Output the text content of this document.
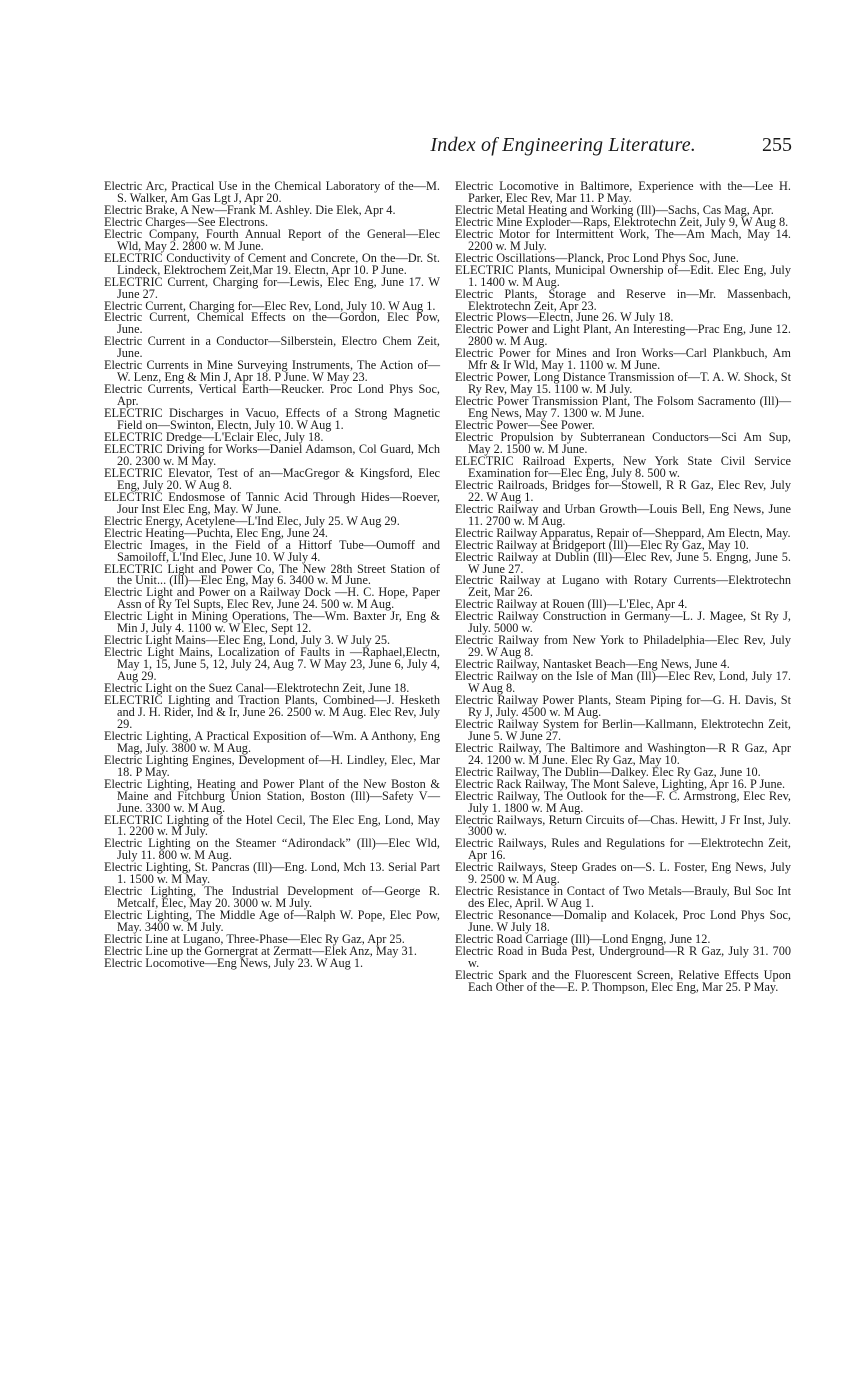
Index of Engineering Literature.	255

Electric Arc, Practical Use in the Chemical Laboratory of the—M. S. Walker, Am Gas Lgt J, Apr 20.

Electric Brake, A New—Frank M. Ashley. Die Elek, Apr 4.

Electric Charges—See Electrons.

Electric Company, Fourth Annual Report of the General—Elec Wld, May 2. 2800 w. M June.

ELECTRIC Conductivity of Cement and Concrete, On the—Dr. St. Lindeck, Elektrochem Zeit,Mar 19. Electn, Apr 10. P June.

ELECTRIC Current, Charging for—Lewis, Elec Eng, June 17. W June 27.

Electric Current, Charging for—Elec Rev, Lond, July 10. W Aug 1.

Electric Current, Chemical Effects on the—Gordon, Elec Pow, June.

Electric Current in a Conductor—Silberstein, Electro Chem Zeit, June.

Electric Currents in Mine Surveying Instruments, The Action of—W. Lenz, Eng & Min J, Apr 18. P June. W May 23.

Electric Currents, Vertical Earth—Reucker. Proc Lond Phys Soc, Apr.

ELECTRIC Discharges in Vacuo, Effects of a Strong Magnetic Field on—Swinton, Electn, July 10. W Aug 1.

ELECTRIC Dredge—L'Eclair Elec, July 18.

ELECTRIC Driving for Works—Daniel Adamson, Col Guard, Mch 20. 2300 w. M May.

ELECTRIC Elevator, Test of an—MacGregor & Kingsford, Elec Eng, July 20. W Aug 8.

ELECTRIC Endosmose of Tannic Acid Through Hides—Roever, Jour Inst Elec Eng, May. W June.

Electric Energy, Acetylene—L'Ind Elec, July 25. W Aug 29.

Electric Heating—Puchta, Elec Eng, June 24.

Electric Images, in the Field of a Hittorf Tube—Oumoff and Samoiloff, L'Ind Elec, June 10. W July 4.

ELECTRIC Light and Power Co, The New 28th Street Station of the Unit... (Ill)—Elec Eng, May 6. 3400 w. M June.

Electric Light and Power on a Railway Dock —H. C. Hope, Paper Assn of Ry Tel Supts, Elec Rev, June 24. 500 w. M Aug.

Electric Light in Mining Operations, The—Wm. Baxter Jr, Eng & Min J, July 4. 1100 w. W Elec, Sept 12.

Electric Light Mains—Elec Eng, Lond, July 3. W July 25.

Electric Light Mains, Localization of Faults in —Raphael,Electn, May 1, 15, June 5, 12, July 24, Aug 7. W May 23, June 6, July 4, Aug 29.

Electric Light on the Suez Canal—Elektrotechn Zeit, June 18.

ELECTRIC Lighting and Traction Plants, Combined—J. Hesketh and J. H. Rider, Ind & Ir, June 26. 2500 w. M Aug. Elec Rev, July 29.

Electric Lighting, A Practical Exposition of—Wm. A Anthony, Eng Mag, July. 3800 w. M Aug.

Electric Lighting Engines, Development of—H. Lindley, Elec, Mar 18. P May.

Electric Lighting, Heating and Power Plant of the New Boston & Maine and Fitchburg Union Station, Boston (Ill)—Safety V—June. 3300 w. M Aug.

ELECTRIC Lighting of the Hotel Cecil, The Elec Eng, Lond, May 1. 2200 w. M July.

Electric Lighting on the Steamer “Adirondack” (Ill)—Elec Wld, July 11. 800 w. M Aug.

Electric Lighting, St. Pancras (Ill)—Eng. Lond, Mch 13. Serial Part 1. 1500 w. M May.

Electric Lighting, The Industrial Development of—George R. Metcalf, Elec, May 20. 3000 w. M July.

Electric Lighting, The Middle Age of—Ralph W. Pope, Elec Pow, May. 3400 w. M July.

Electric Line at Lugano, Three-Phase—Elec Ry Gaz, Apr 25.

Electric Line up the Gornergrat at Zermatt—Elek Anz, May 31.

Electric Locomotive—Eng News, July 23. W Aug 1.

Electric Locomotive in Baltimore, Experience with the—Lee H. Parker, Elec Rev, Mar 11. P May.

Electric Metal Heating and Working (Ill)—Sachs, Cas Mag, Apr.

Electric Mine Exploder—Raps, Elektrotechn Zeit, July 9, W Aug 8.

Electric Motor for Intermittent Work, The—Am Mach, May 14. 2200 w. M July.

Electric Oscillations—Planck, Proc Lond Phys Soc, June.

ELECTRIC Plants, Municipal Ownership of—Edit. Elec Eng, July 1. 1400 w. M Aug.

Electric Plants, Storage and Reserve in—Mr. Massenbach, Elektrotechn Zeit, Apr 23.

Electric Plows—Electn, June 26. W July 18.

Electric Power and Light Plant, An Interesting—Prac Eng, June 12. 2800 w. M Aug.

Electric Power for Mines and Iron Works—Carl Plankbuch, Am Mfr & Ir Wld, May 1. 1100 w. M June.

Electric Power, Long Distance Transmission of—T. A. W. Shock, St Ry Rev, May 15. 1100 w. M July.

Electric Power Transmission Plant, The Folsom Sacramento (Ill)—Eng News, May 7. 1300 w. M June.

Electric Power—See Power.

Electric Propulsion by Subterranean Conductors—Sci Am Sup, May 2. 1500 w. M June.

ELECTRIC Railroad Experts, New York State Civil Service Examination for—Elec Eng, July 8. 500 w.

Electric Railroads, Bridges for—Stowell, R R Gaz, Elec Rev, July 22. W Aug 1.

Electric Railway and Urban Growth—Louis Bell, Eng News, June 11. 2700 w. M Aug.

Electric Railway Apparatus, Repair of—Sheppard, Am Electn, May.

Electric Railway at Bridgeport (Ill)—Elec Ry Gaz, May 10.

Electric Railway at Dublin (Ill)—Elec Rev, June 5. Engng, June 5. W June 27.

Electric Railway at Lugano with Rotary Currents—Elektrotechn Zeit, Mar 26.

Electric Railway at Rouen (Ill)—L'Elec, Apr 4.

Electric Railway Construction in Germany—L. J. Magee, St Ry J, July. 5000 w.

Electric Railway from New York to Philadelphia—Elec Rev, July 29. W Aug 8.

Electric Railway, Nantasket Beach—Eng News, June 4.

Electric Railway on the Isle of Man (Ill)—Elec Rev, Lond, July 17. W Aug 8.

Electric Railway Power Plants, Steam Piping for—G. H. Davis, St Ry J, July. 4500 w. M Aug.

Electric Railway System for Berlin—Kallmann, Elektrotechn Zeit, June 5. W June 27.

Electric Railway, The Baltimore and Washington—R R Gaz, Apr 24. 1200 w. M June. Elec Ry Gaz, May 10.

Electric Railway, The Dublin—Dalkey. Elec Ry Gaz, June 10.

Electric Rack Railway, The Mont Saleve, Lighting, Apr 16. P June.

Electric Railway, The Outlook for the—F. C. Armstrong, Elec Rev, July 1. 1800 w. M Aug.

Electric Railways, Return Circuits of—Chas. Hewitt, J Fr Inst, July. 3000 w.

Electric Railways, Rules and Regulations for —Elektrotechn Zeit, Apr 16.

Electric Railways, Steep Grades on—S. L. Foster, Eng News, July 9. 2500 w. M Aug.

Electric Resistance in Contact of Two Metals—Brauly, Bul Soc Int des Elec, April. W Aug 1.

Electric Resonance—Domalip and Kolacek, Proc Lond Phys Soc, June. W July 18.

Electric Road Carriage (Ill)—Lond Engng, June 12.

Electric Road in Buda Pest, Underground—R R Gaz, July 31. 700 w.

Electric Spark and the Fluorescent Screen, Relative Effects Upon Each Other of the—E. P. Thompson, Elec Eng, Mar 25. P May.
